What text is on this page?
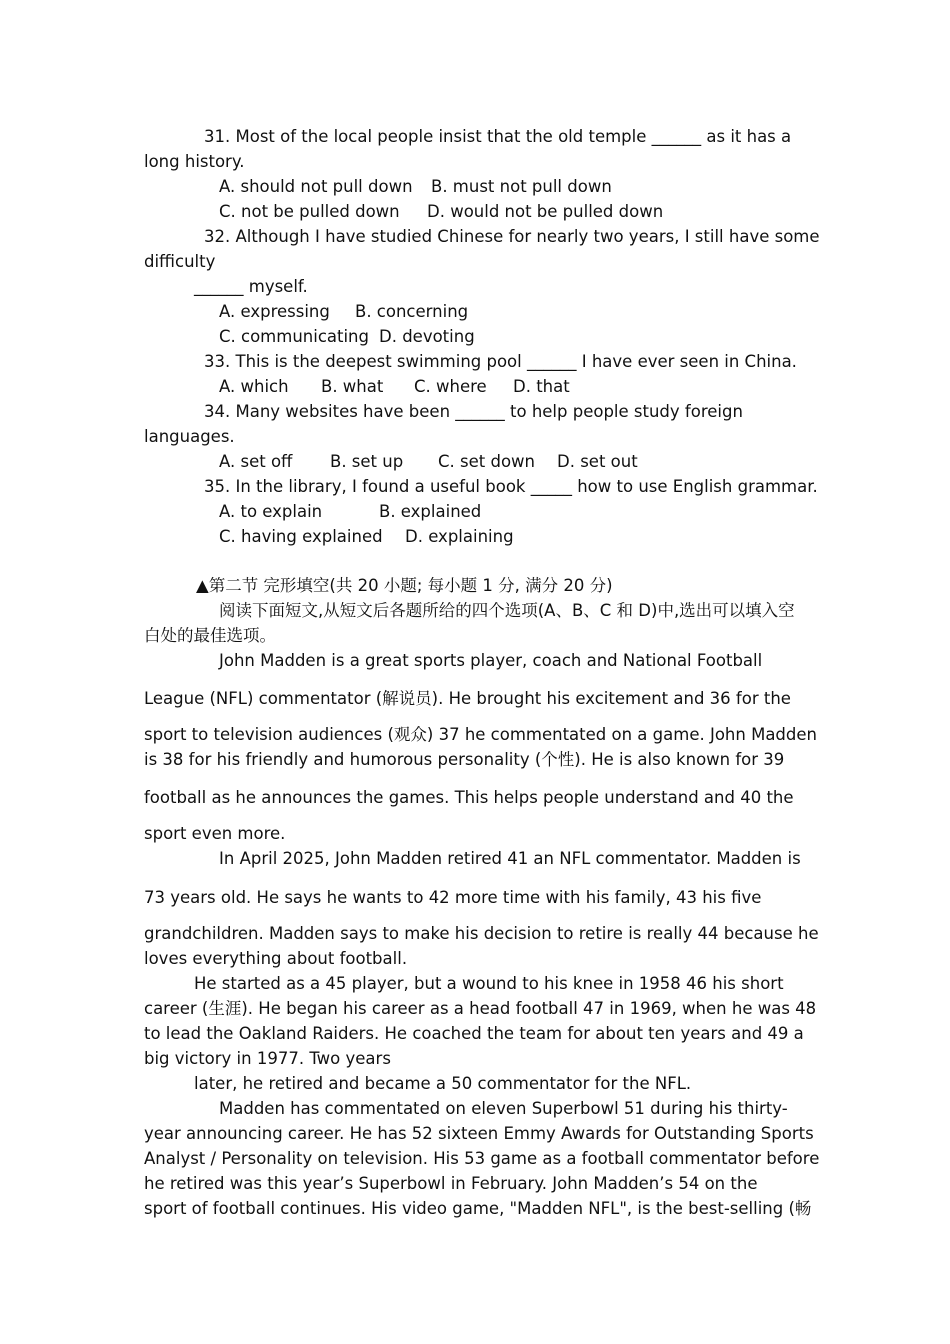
31. Most of the local people insist that the old temple ______ as it has a
long history.
A. should not pull down B. must not pull down
C. not be pulled down D. would not be pulled down
32. Although I have studied Chinese for nearly two years, I still have some
difficulty
______ myself.
A. expressing B. concerning
C. communicating D. devoting
33. This is the deepest swimming pool ______ I have ever seen in China.
A. which B. what C. where D. that
34. Many websites have been ______ to help people study foreign
languages.
A. set off B. set up C. set down D. set out
35. In the library, I found a useful book _____ how to use English grammar.
A. to explain	B. explained
C. having explained D. explaining
▲第二节 完形填空(共 20 小题; 每小题 1 分, 满分 20 分)
阅读下面短文,从短文后各题所给的四个选项(A、B、C 和 D)中,选出可以填入空
白处的最佳选项。
John Madden is a great sports player, coach and National Football
League (NFL) commentator (解说员). He brought his excitement and 36 for the
sport to television audiences (观众) 37 he commentated on a game. John Madden
is 38 for his friendly and humorous personality (个性). He is also known for 39
football as he announces the games. This helps people understand and 40 the
sport even more.
In April 2025, John Madden retired 41 an NFL commentator. Madden is
73 years old. He says he wants to 42 more time with his family, 43 his five
grandchildren. Madden says to make his decision to retire is really 44 because he
loves everything about football.
He started as a 45 player, but a wound to his knee in 1958 46 his short
career (生涯). He began his career as a head football 47 in 1969, when he was 48
to lead the Oakland Raiders. He coached the team for about ten years and 49 a
big victory in 1977. Two years
later, he retired and became a 50 commentator for the NFL.
Madden has commentated on eleven Superbowl 51 during his thirty-
year announcing career. He has 52 sixteen Emmy Awards for Outstanding Sports
Analyst / Personality on television. His 53 game as a football commentator before
he retired was this year’s Superbowl in February. John Madden’s 54 on the
sport of football continues. His video game, "Madden NFL", is the best-selling (畅
